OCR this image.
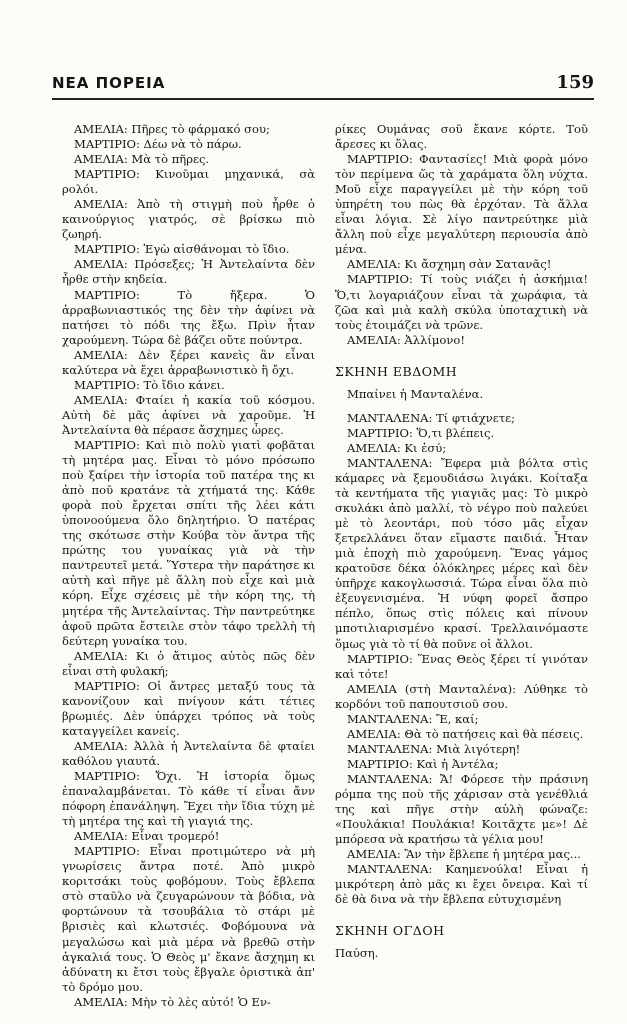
ΝΕΑ ΠΟΡΕΙΑ	159

ΑΜΕΛΙΑ: Πῆρες τὸ φάρμακό σου;

ΜΑΡΤΙΡΙΟ: Δέω νὰ τὸ πάρω.

ΑΜΕΛΙΑ: Μὰ τὸ πῆρες.

ΜΑΡΤΙΡΙΟ: Κινοῦμαι μηχανικά, σὰ ρολόι.

ΑΜΕΛΙΑ: Ἀπὸ τὴ στιγμὴ ποὺ ἦρθε ὁ καινούργιος γιατρός, σὲ βρίσκω πιὸ ζωηρή.

ΜΑΡΤΙΡΙΟ: Ἐγὼ αἰσθάνομαι τὸ ἴδιο.

ΑΜΕΛΙΑ: Πρόσεξες; Ἡ Ἀντελαίντα δὲν ἦρθε στὴν κηδεία.

ΜΑΡΤΙΡΙΟ: Τὸ ἤξερα. Ὁ ἀρραβωνιαστικός της δὲν τὴν ἀφίνει νὰ πατήσει τὸ πόδι της ἔξω. Πρὶν ἦταν χαρούμενη. Τώρα δὲ βάζει οὔτε πούντρα.

ΑΜΕΛΙΑ: Δὲν ξέρει κανεὶς ἂν εἶναι καλύτερα νὰ ἔχει ἀρραβωνιστικὸ ἢ ὄχι.

ΜΑΡΤΙΡΙΟ: Τὸ ἴδιο κάνει.

ΑΜΕΛΙΑ: Φταίει ἡ κακία τοῦ κόσμου. Αὐτὴ δὲ μᾶς ἀφίνει νὰ χαροῦμε. Ἡ Ἀντελαίντα θὰ πέρασε ἄσχημες ὧρες.

ΜΑΡΤΙΡΙΟ: Καὶ πιὸ πολὺ γιατὶ φοβᾶται τὴ μητέρα μας. Εἶναι τὸ μόνο πρόσωπο ποὺ ξαίρει τὴν ἱστορία τοῦ πατέρα της κι ἀπὸ ποῦ κρατάνε τὰ χτήματά της. Κάθε φορὰ ποὺ ἔρχεται σπίτι τῆς λέει κάτι ὑπονοούμενα ὅλο δηλητήριο. Ὁ πατέρας της σκότωσε στὴν Κούβα τὸν ἄντρα τῆς πρώτης του γυναίκας γιὰ νὰ τὴν παντρευτεῖ μετά. Ὕστερα τὴν παράτησε κι αὐτὴ καὶ πῆγε μὲ ἄλλη ποὺ εἶχε καὶ μιὰ κόρη. Εἶχε σχέσεις μὲ τὴν κόρη της, τὴ μητέρα τῆς Ἀντελαίντας. Τὴν παντρεύτηκε ἀφοῦ πρῶτα ἔστειλε στὸν τάφο τρελλὴ τὴ δεύτερη γυναίκα του.

ΑΜΕΛΙΑ: Κι ὁ ἄτιμος αὐτὸς πῶς δὲν εἶναι στὴ φυλακή;

ΜΑΡΤΙΡΙΟ: Οἱ ἄντρες μεταξύ τους τὰ κανονίζουν καὶ πνίγουν κάτι τέτιες βρωμιές. Δὲν ὑπάρχει τρόπος νὰ τοὺς καταγγείλει κανείς.

ΑΜΕΛΙΑ: Ἀλλὰ ἡ Ἀντελαίντα δὲ φταίει καθόλου γιαυτά.

ΜΑΡΤΙΡΙΟ: Ὄχι. Ἡ ἱστορία ὅμως ἐπαναλαμβάνεται. Τὸ κάθε τί εἶναι ἄνν πόφορη ἐπανάληψη. Ἔχει τὴν ἴδια τύχη μὲ τὴ μητέρα της καὶ τὴ γιαγιά της.

ΑΜΕΛΙΑ: Εἶναι τρομερό!

ΜΑΡΤΙΡΙΟ: Εἶναι προτιμώτερο νὰ μὴ γνωρίσεις ἄντρα ποτέ. Ἀπὸ μικρὸ κοριτσάκι τοὺς φοβόμουν. Τοὺς ἔβλεπα στὸ σταῦλο νὰ ζευγαρώνουν τὰ βόδια, νὰ φορτώνουν τὰ τσουβάλια τὸ στάρι μὲ βρισιὲς καὶ κλωτσιές. Φοβόμουνα νὰ μεγαλώσω καὶ μιὰ μέρα νὰ βρεθῶ στὴν ἀγκαλιά τους. Ὁ Θεὸς μ' ἔκανε ἄσχημη κι ἀδύνατη κι ἔτσι τοὺς ἔβγαλε ὁριστικὰ ἀπ' τὸ δρόμο μου.

ΑΜΕΛΙΑ: Μὴν τὸ λὲς αὐτό! Ὁ Εν-

ρίκες Ουμάνας σοῦ ἔκανε κόρτε. Τοῦ ἄρεσες κι ὅλας.

ΜΑΡΤΙΡΙΟ: Φαντασίες! Μιὰ φορὰ μόνο τὸν περίμενα ὥς τὰ χαράματα ὅλη νύχτα. Μοῦ εἶχε παραγγείλει μὲ τὴν κόρη τοῦ ὑπηρέτη του πὼς θὰ ἐρχόταν. Τὰ ἄλλα εἶναι λόγια. Σὲ λίγο παντρεύτηκε μὶὰ ἄλλη ποὺ εἶχε μεγαλύτερη περιουσία ἀπὸ μένα.

ΑΜΕΛΙΑ: Κι ἄσχημη σὰν Σατανᾶς!

ΜΑΡΤΙΡΙΟ: Τί τοὺς νιάζει ἡ ἀσκήμια! Ὅ,τι λογαριάζουν εἶναι τὰ χωράφια, τὰ ζῶα καὶ μιὰ καλὴ σκύλα ὑποταχτικὴ νὰ τοὺς ἑτοιμάζει νὰ τρῶνε.

ΑΜΕΛΙΑ: Ἀλλίμονο!

ΣΚΗΝΗ ΕΒΔΟΜΗ

Μπαίνει ἡ Μανταλένα.

ΜΑΝΤΑΛΕΝΑ: Τί φτιάχνετε;

ΜΑΡΤΙΡΙΟ: Ὅ,τι βλέπεις.

ΑΜΕΛΙΑ: Κι ἐσύ;

ΜΑΝΤΑΛΕΝΑ: Ἔφερα μιὰ βόλτα στὶς κάμαρες νὰ ξεμουδιάσω λιγάκι. Κοίταξα τὰ κεντήματα τῆς γιαγιᾶς μας: Τὸ μικρὸ σκυλάκι ἀπὸ μαλλί, τὸ νέγρο ποὺ παλεύει μὲ τὸ λεοντάρι, ποὺ τόσο μᾶς εἶχαν ξετρελλάνει ὅταν εἴμαστε παιδιά. Ἦταν μιὰ ἐποχὴ πιὸ χαρούμενη. Ἕνας γάμος κρατοῦσε δέκα ὁλόκληρες μέρες καὶ δὲν ὑπῆρχε κακογλωσσιά. Τώρα εἶναι ὅλα πιὸ ἐξευγενισμένα. Ἡ νύφη φορεῖ ἄσπρο πέπλο, ὅπως στὶς πόλεις καὶ πίνουν μποτιλιαρισμένο κρασί. Τρελλαινόμαστε ὅμως γιὰ τὸ τί θὰ ποῦνε οἱ ἄλλοι.

ΜΑΡΤΙΡΙΟ: Ἕνας Θεὸς ξέρει τί γινόταν καὶ τότε!

ΑΜΕΛΙΑ (στὴ Μανταλένα): Λύθηκε τὸ κορδόνι τοῦ παπουτσιοῦ σου.

ΜΑΝΤΑΛΕΝΑ: Ἔ, καί;

ΑΜΕΛΙΑ: Θὰ τὸ πατήσεις καὶ θὰ πέσεις.

ΜΑΝΤΑΛΕΝΑ: Μιὰ λιγότερη!

ΜΑΡΤΙΡΙΟ: Καὶ ἡ Ἀντέλα;

ΜΑΝΤΑΛΕΝΑ: Ἄ! Φόρεσε τὴν πράσινη ρόμπα της ποὺ τῆς χάρισαν στὰ γενέθλιά της καὶ πῆγε στὴν αὐλὴ φώναζε: «Πουλάκια! Πουλάκια! Κοιτᾶχτε με»! Δὲ μπόρεσα νὰ κρατήσω τὰ γέλια μου!

ΑΜΕΛΙΑ: Ἂν τὴν ἔβλεπε ἡ μητέρα μας...

ΜΑΝΤΑΛΕΝΑ: Καημενούλα! Εἶναι ἡ μικρότερη ἀπὸ μᾶς κι ἔχει ὄνειρα. Καὶ τί δὲ θὰ δινα νὰ τὴν ἔβλεπα εὐτυχισμένη

ΣΚΗΝΗ ΟΓΔΟΗ

Παύση.
